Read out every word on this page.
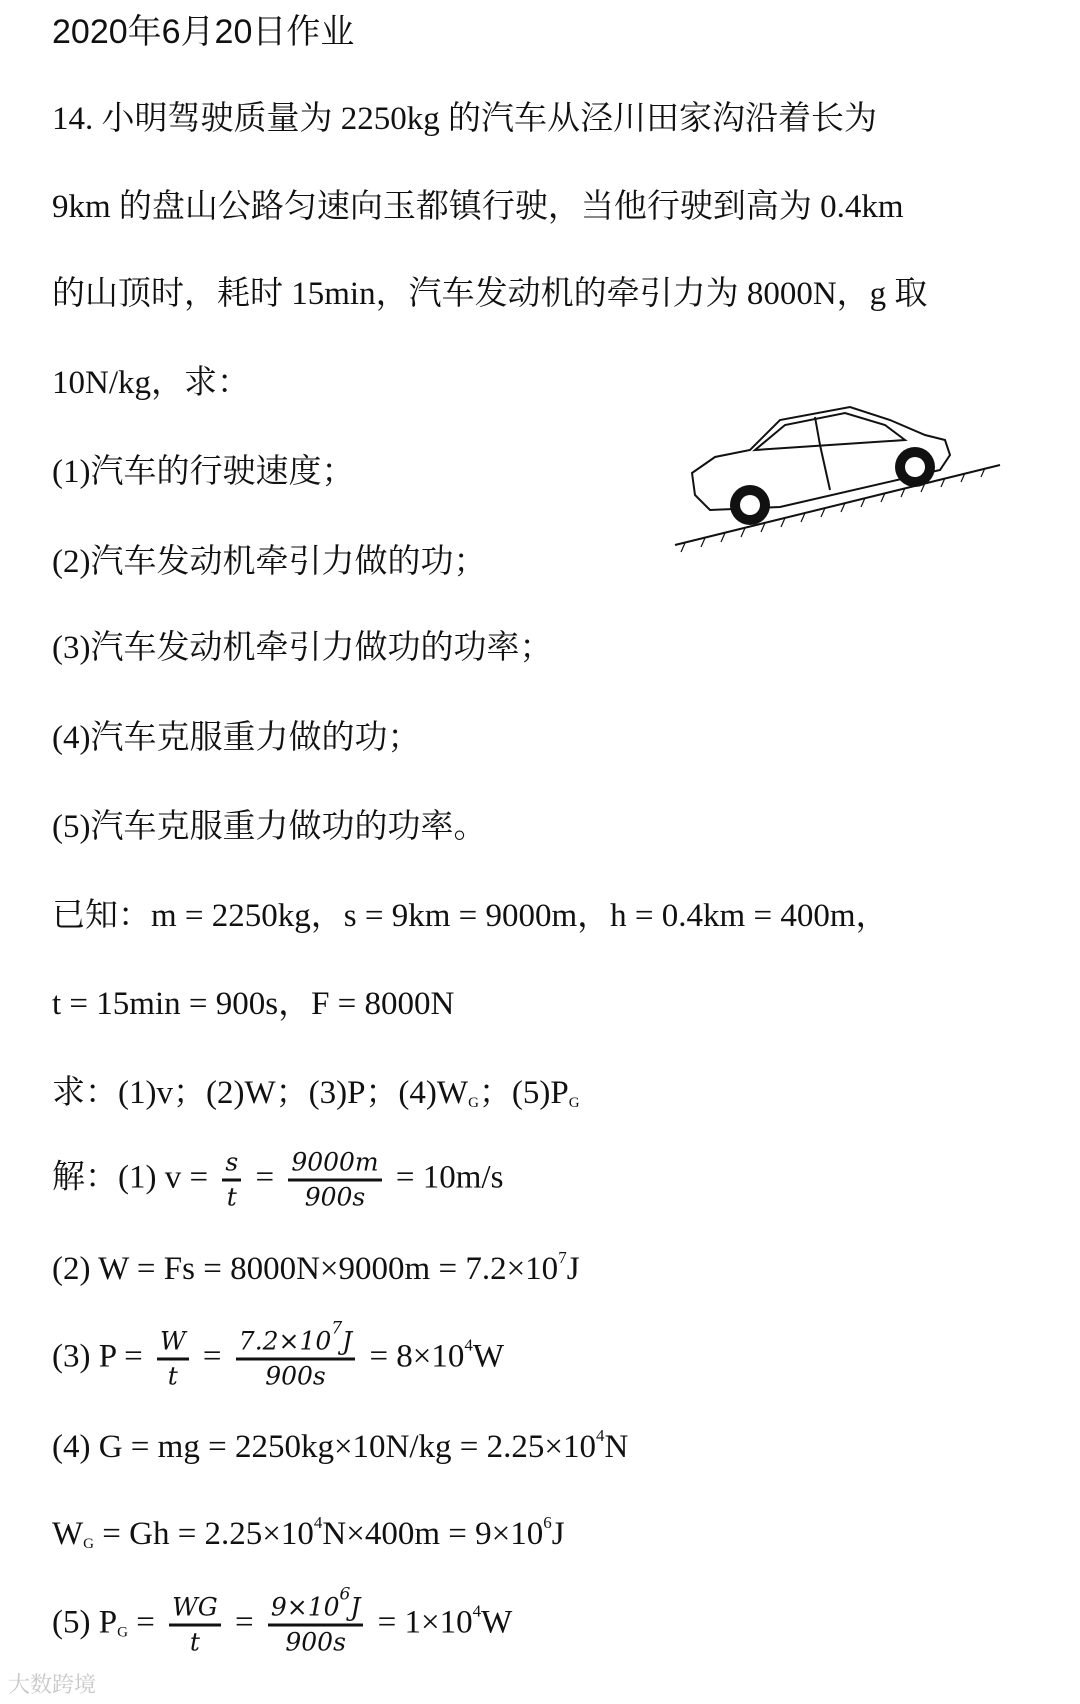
2020年6月20日作业
14. 小明驾驶质量为 2250kg 的汽车从泾川田家沟沿着长为
9km 的盘山公路匀速向玉都镇行驶，当他行驶到高为 0.4km
的山顶时，耗时 15min，汽车发动机的牵引力为 8000N，g 取
10N/kg，求：
(1)汽车的行驶速度；
(2)汽车发动机牵引力做的功；
(3)汽车发动机牵引力做功的功率；
(4)汽车克服重力做的功；
(5)汽车克服重力做功的功率。
已知：m = 2250kg，s = 9km = 9000m，h = 0.4km = 400m，
t = 15min = 900s，F = 8000N
求：(1)v；(2)W；(3)P；$(4)W_G$；$(5)P_G$
解：(1) $v = \frac{s}{t} = \frac{9000m}{900s} = 10m/s$
(2) $W = Fs = 8000N\times 9000m = 7.2\times 10^7J$
(3) $P = \frac{W}{t} = \frac{7.2\times 10^7J}{900s} = 8\times 10^4W$
(4) G = mg = $2250kg\times 10N/kg = 2.25\times 10^4N$
$W_G = Gh = 2.25\times 10^4N\times 400m = 9\times 10^6J$
(5) $P_G = \frac{WG}{t} = \frac{9\times 10^6J}{900s} = 1\times 10^4W$
大数跨境
